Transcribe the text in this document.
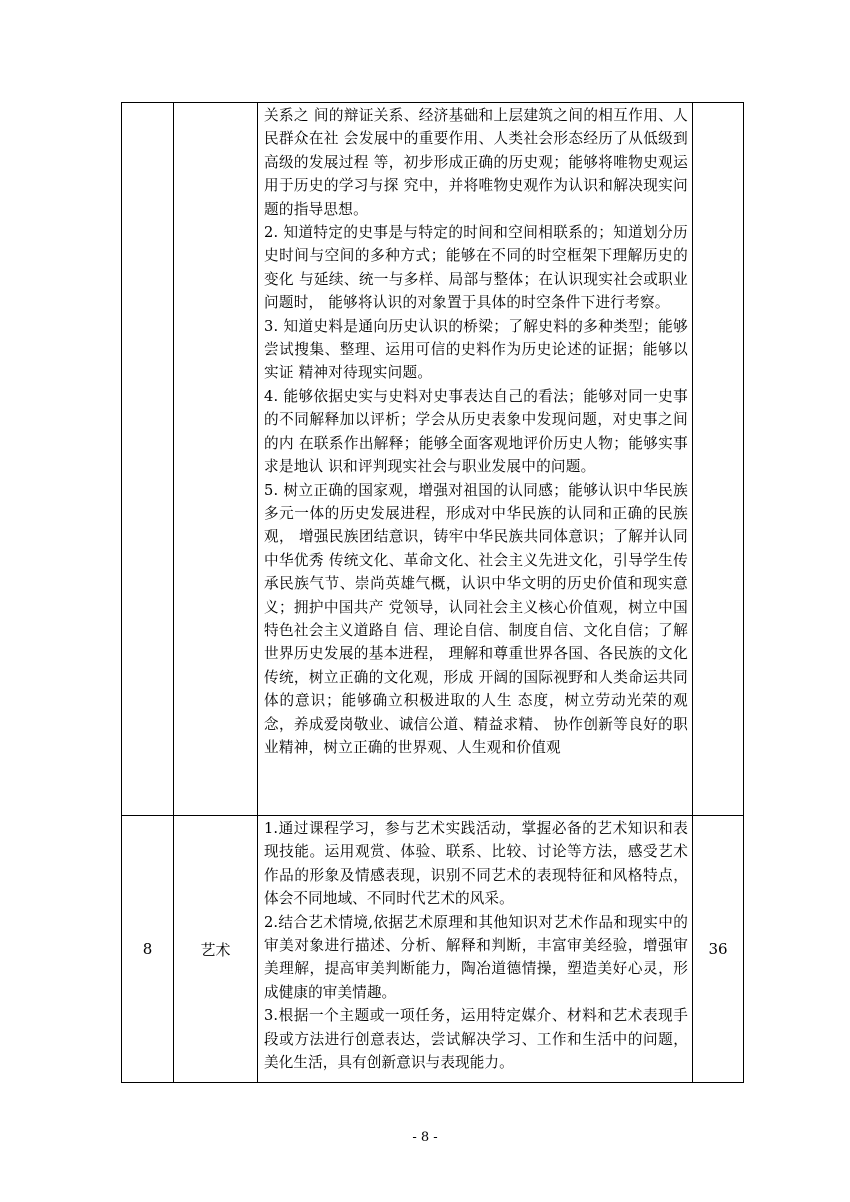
		关系之 间的辩证关系、经济基础和上层建筑之间的相互作用、人民群众在社 会发展中的重要作用、人类社会形态经历了从低级到高级的发展过程 等，初步形成正确的历史观；能够将唯物史观运用于历史的学习与探 究中，并将唯物史观作为认识和解决现实问题的指导思想。

2. 知道特定的史事是与特定的时间和空间相联系的；知道划分历 史时间与空间的多种方式；能够在不同的时空框架下理解历史的变化 与延续、统一与多样、局部与整体；在认识现实社会或职业问题时， 能够将认识的对象置于具体的时空条件下进行考察。

3. 知道史料是通向历史认识的桥梁；了解史料的多种类型；能够 尝试搜集、整理、运用可信的史料作为历史论述的证据；能够以实证 精神对待现实问题。

4. 能够依据史实与史料对史事表达自己的看法；能够对同一史事 的不同解释加以评析；学会从历史表象中发现问题，对史事之间的内 在联系作出解释；能够全面客观地评价历史人物；能够实事求是地认 识和评判现实社会与职业发展中的问题。

5. 树立正确的国家观，增强对祖国的认同感；能够认识中华民族 多元一体的历史发展进程，形成对中华民族的认同和正确的民族观， 增强民族团结意识，铸牢中华民族共同体意识；了解并认同中华优秀 传统文化、革命文化、社会主义先进文化，引导学生传承民族气节、崇尚英雄气概，认识中华文明的历史价值和现实意义；拥护中国共产 党领导，认同社会主义核心价值观，树立中国特色社会主义道路自 信、理论自信、制度自信、文化自信；了解世界历史发展的基本进程， 理解和尊重世界各国、各民族的文化传统，树立正确的文化观，形成 开阔的国际视野和人类命运共同体的意识；能够确立积极进取的人生 态度，树立劳动光荣的观念，养成爱岗敬业、诚信公道、精益求精、 协作创新等良好的职业精神，树立正确的世界观、人生观和价值观	

8	艺术	1.通过课程学习，参与艺术实践活动，掌握必备的艺术知识和表现技能。运用观赏、体验、联系、比较、讨论等方法，感受艺术作品的形象及情感表现，识别不同艺术的表现特征和风格特点，体会不同地域、不同时代艺术的风采。

2.结合艺术情境,依据艺术原理和其他知识对艺术作品和现实中的审美对象进行描述、分析、解释和判断，丰富审美经验，增强审美理解，提高审美判断能力，陶冶道德情操，塑造美好心灵，形成健康的审美情趣。

3.根据一个主题或一项任务，运用特定媒介、材料和艺术表现手段或方法进行创意表达，尝试解决学习、工作和生活中的问题，美化生活，具有创新意识与表现能力。	36
- 8 -
